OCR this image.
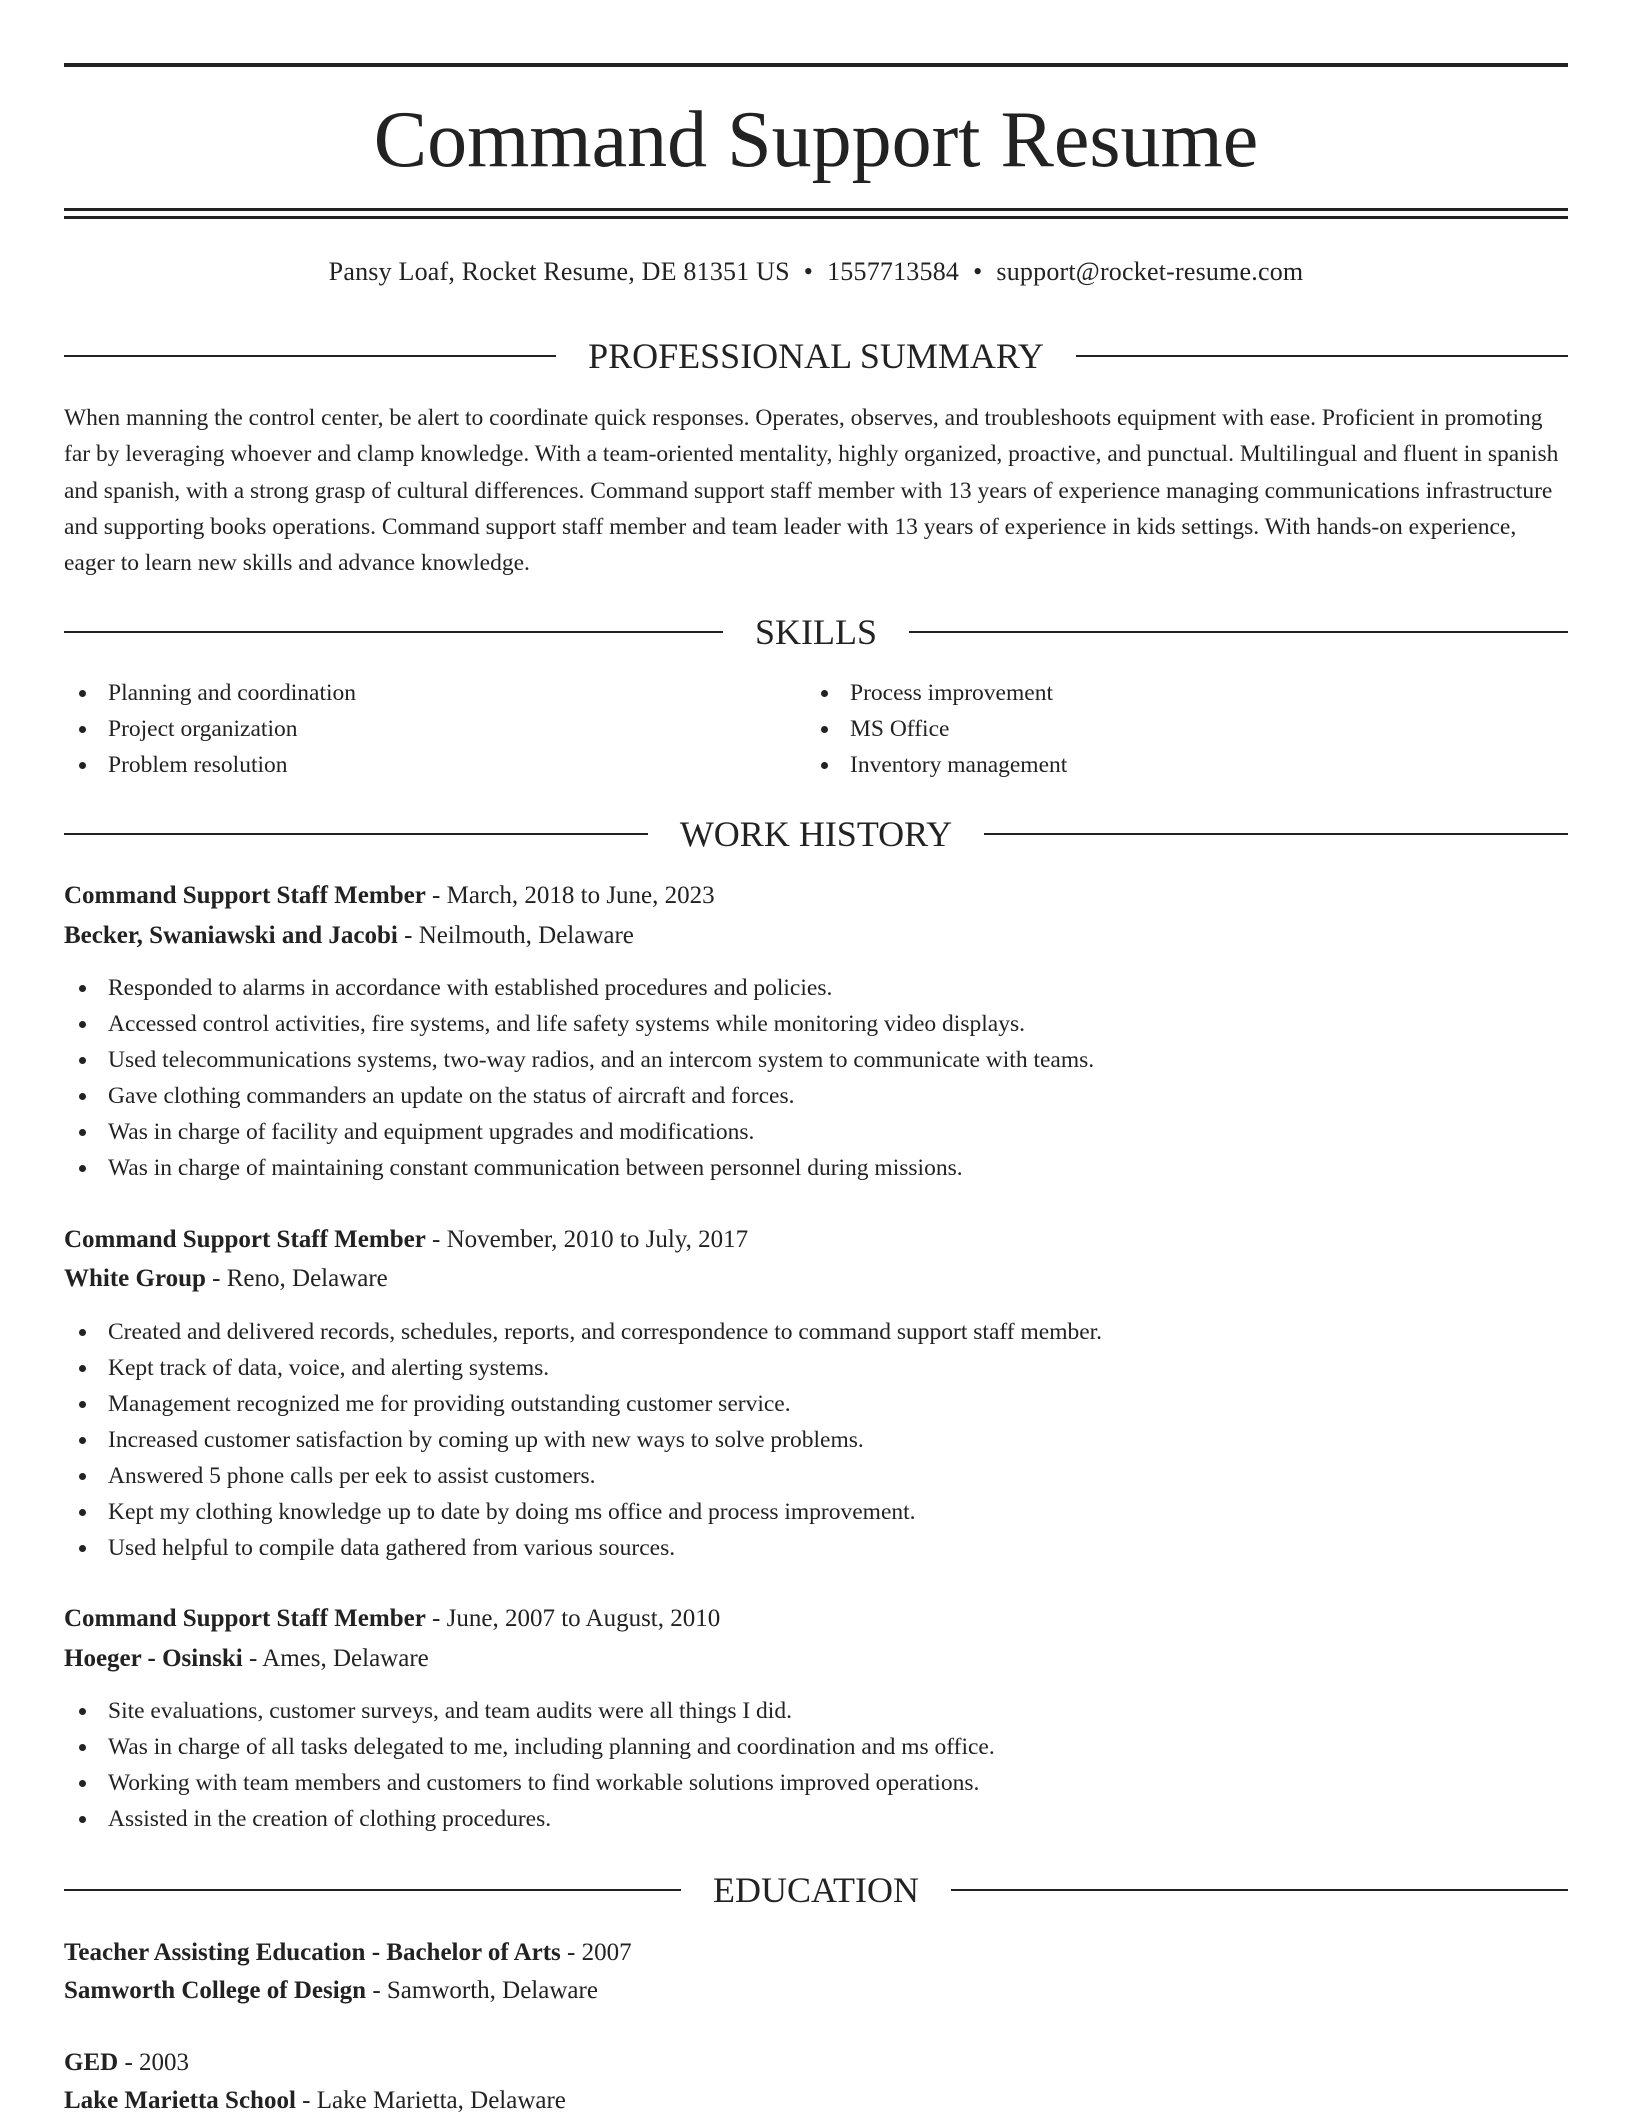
Command Support Resume
Pansy Loaf, Rocket Resume, DE 81351 US • 1557713584 • support@rocket-resume.com
PROFESSIONAL SUMMARY

When manning the control center, be alert to coordinate quick responses. Operates, observes, and troubleshoots equipment with ease. Proficient in promoting far by leveraging whoever and clamp knowledge. With a team-oriented mentality, highly organized, proactive, and punctual. Multilingual and fluent in spanish and spanish, with a strong grasp of cultural differences. Command support staff member with 13 years of experience managing communications infrastructure and supporting books operations. Command support staff member and team leader with 13 years of experience in kids settings. With hands-on experience, eager to learn new skills and advance knowledge.

SKILLS
Planning and coordination
Project organization
Problem resolution
Process improvement
MS Office
Inventory management
WORK HISTORY
Command Support Staff Member - March, 2018 to June, 2023
Becker, Swaniawski and Jacobi - Neilmouth, Delaware
Responded to alarms in accordance with established procedures and policies.
Accessed control activities, fire systems, and life safety systems while monitoring video displays.
Used telecommunications systems, two-way radios, and an intercom system to communicate with teams.
Gave clothing commanders an update on the status of aircraft and forces.
Was in charge of facility and equipment upgrades and modifications.
Was in charge of maintaining constant communication between personnel during missions.
Command Support Staff Member - November, 2010 to July, 2017
White Group - Reno, Delaware
Created and delivered records, schedules, reports, and correspondence to command support staff member.
Kept track of data, voice, and alerting systems.
Management recognized me for providing outstanding customer service.
Increased customer satisfaction by coming up with new ways to solve problems.
Answered 5 phone calls per eek to assist customers.
Kept my clothing knowledge up to date by doing ms office and process improvement.
Used helpful to compile data gathered from various sources.
Command Support Staff Member - June, 2007 to August, 2010
Hoeger - Osinski - Ames, Delaware
Site evaluations, customer surveys, and team audits were all things I did.
Was in charge of all tasks delegated to me, including planning and coordination and ms office.
Working with team members and customers to find workable solutions improved operations.
Assisted in the creation of clothing procedures.
EDUCATION
Teacher Assisting Education - Bachelor of Arts - 2007
Samworth College of Design - Samworth, Delaware
GED - 2003
Lake Marietta School - Lake Marietta, Delaware
